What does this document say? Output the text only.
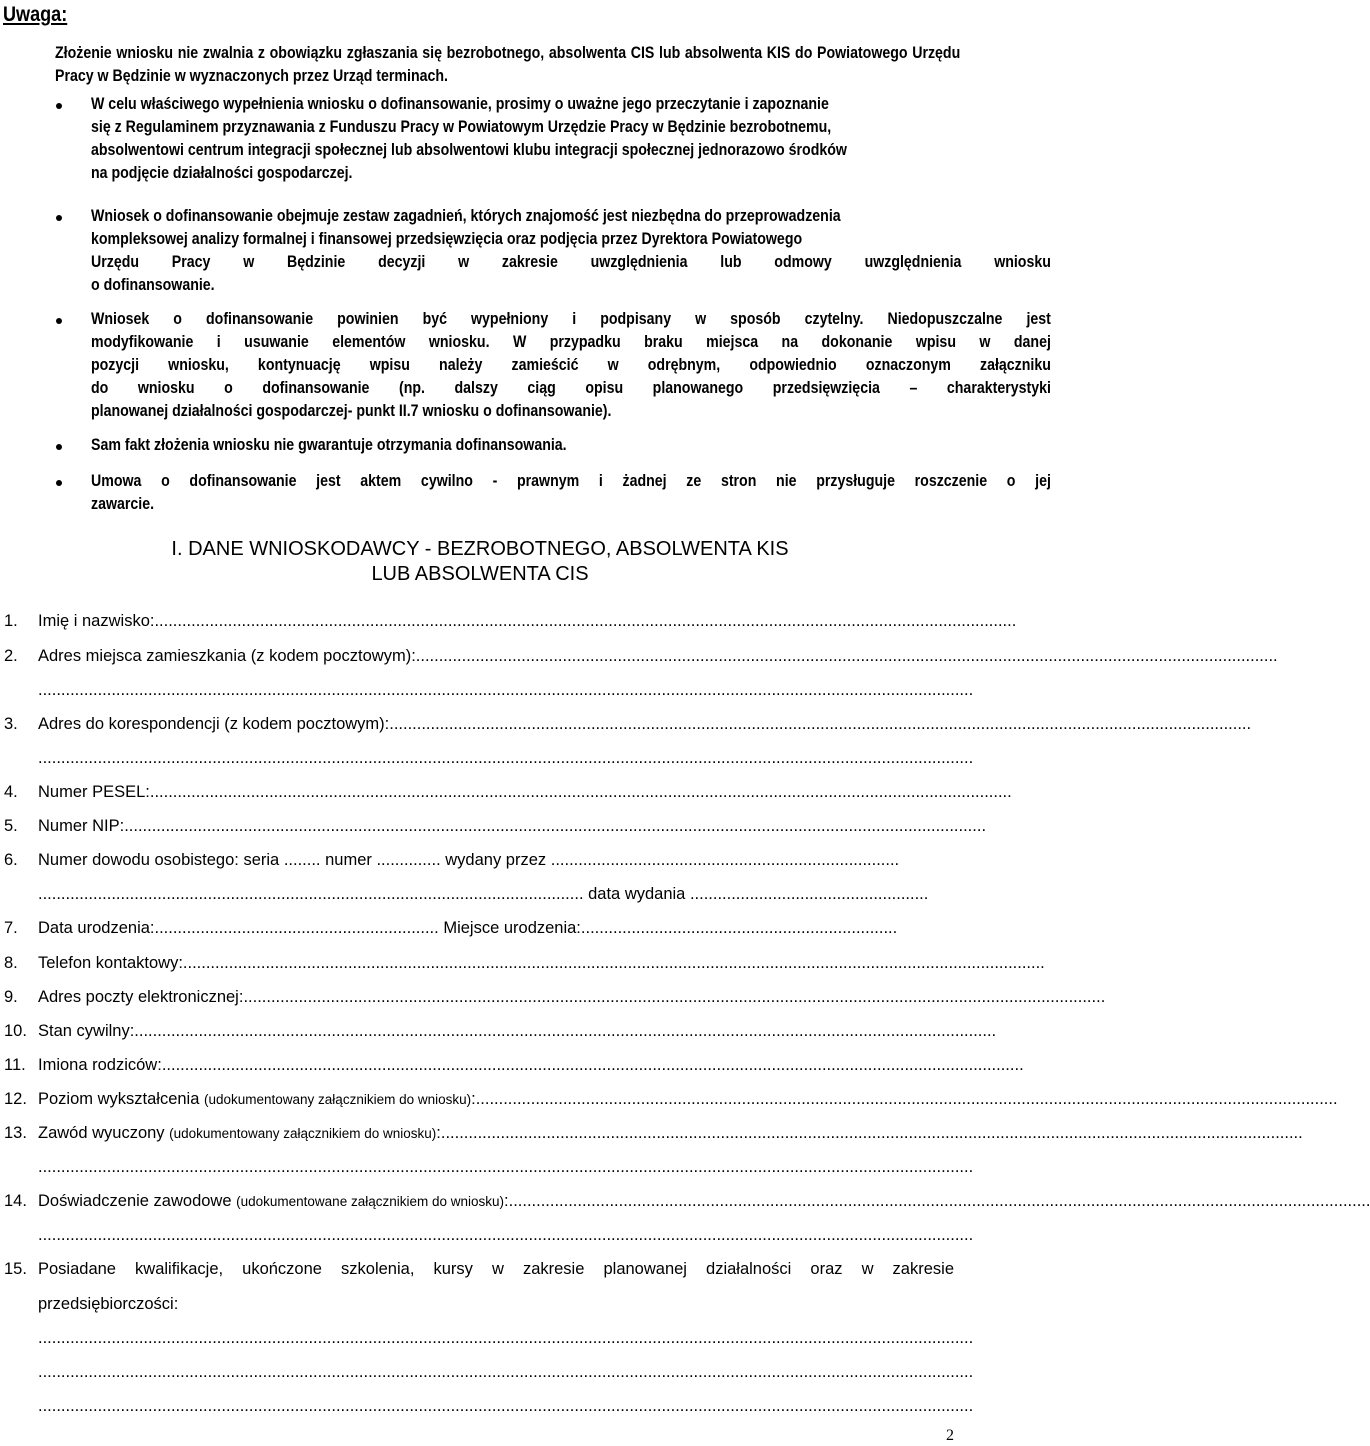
Uwaga:
Złożenie wniosku nie zwalnia z obowiązku zgłaszania się bezrobotnego, absolwenta CIS lub absolwenta KIS do Powiatowego Urzędu Pracy w Będzinie w wyznaczonych przez Urząd terminach.
W celu właściwego wypełnienia wniosku o dofinansowanie, prosimy o uważne jego przeczytanie i zapoznanie
się z Regulaminem przyznawania z Funduszu Pracy w Powiatowym Urzędzie Pracy w Będzinie bezrobotnemu,
absolwentowi centrum integracji społecznej lub absolwentowi klubu integracji społecznej jednorazowo środków
na podjęcie działalności gospodarczej.
Wniosek o dofinansowanie obejmuje zestaw zagadnień, których znajomość jest niezbędna do przeprowadzenia
kompleksowej analizy formalnej i finansowej przedsięwzięcia oraz podjęcia przez Dyrektora Powiatowego
Urzędu Pracy w Będzinie decyzji w zakresie uwzględnienia lub odmowy uwzględnienia wniosku
o dofinansowanie.
Wniosek o dofinansowanie powinien być wypełniony i podpisany w sposób czytelny. Niedopuszczalne jest
modyfikowanie i usuwanie elementów wniosku. W przypadku braku miejsca na dokonanie wpisu w danej
pozycji wniosku, kontynuację wpisu należy zamieścić w odrębnym, odpowiednio oznaczonym załączniku
do wniosku o dofinansowanie (np. dalszy ciąg opisu planowanego przedsięwzięcia – charakterystyki
planowanej działalności gospodarczej- punkt II.7 wniosku o dofinansowanie).
Sam fakt złożenia wniosku nie gwarantuje otrzymania dofinansowania.
Umowa o dofinansowanie jest aktem cywilno - prawnym i żadnej ze stron nie przysługuje roszczenie o jej
zawarcie.
I. DANE WNIOSKODAWCY - BEZROBOTNEGO, ABSOLWENTA KIS
LUB ABSOLWENTA CIS
1. Imię i nazwisko:............................................................................................................................................................................................
2. Adres miejsca zamieszkania (z kodem pocztowym):............................................................................................................................................................................................
............................................................................................................................................................................................................
3. Adres do korespondencji (z kodem pocztowym):............................................................................................................................................................................................
............................................................................................................................................................................................................
4. Numer PESEL:............................................................................................................................................................................................
5. Numer NIP:............................................................................................................................................................................................
6. Numer dowodu osobistego: seria ........ numer .............. wydany przez ............................................................................
....................................................................................................................... data wydania ....................................................
7. Data urodzenia:.............................................................. Miejsce urodzenia:.....................................................................
8. Telefon kontaktowy:............................................................................................................................................................................................
9. Adres poczty elektronicznej:............................................................................................................................................................................................
10. Stan cywilny:............................................................................................................................................................................................
11. Imiona rodziców:............................................................................................................................................................................................
12. Poziom wykształcenia (udokumentowany załącznikiem do wniosku):............................................................................................................................................................................................
13. Zawód wyuczony (udokumentowany załącznikiem do wniosku):............................................................................................................................................................................................
............................................................................................................................................................................................................
14. Doświadczenie zawodowe (udokumentowane załącznikiem do wniosku):............................................................................................................................................................................................
............................................................................................................................................................................................................
15. Posiadane kwalifikacje, ukończone szkolenia, kursy w zakresie planowanej działalności oraz w zakresie
przedsiębiorczości:
............................................................................................................................................................................................................
............................................................................................................................................................................................................
............................................................................................................................................................................................................
2
